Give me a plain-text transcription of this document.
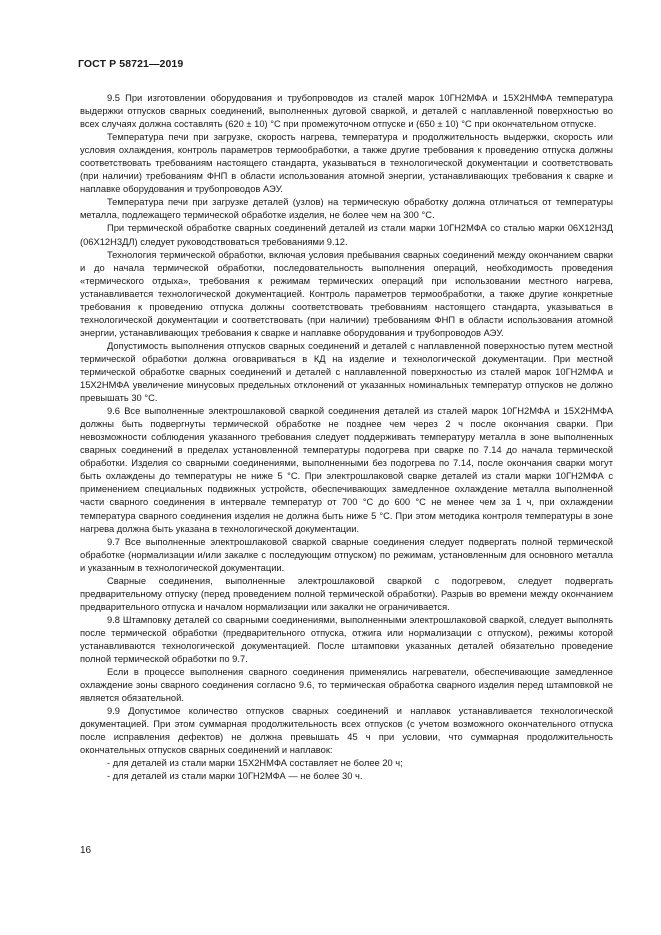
ГОСТ Р 58721—2019

9.5 При изготовлении оборудования и трубопроводов из сталей марок 10ГН2МФА и 15Х2НМФА температура выдержки отпусков сварных соединений, выполненных дуговой сваркой, и деталей с наплавленной поверхностью во всех случаях должна составлять (620 ± 10) °С при промежуточном отпуске и (650 ± 10) °С при окончательном отпуске.

Температура печи при загрузке, скорость нагрева, температура и продолжительность выдержки, скорость или условия охлаждения, контроль параметров термообработки, а также другие требования к проведению отпуска должны соответствовать требованиям настоящего стандарта, указываться в технологической документации и соответствовать (при наличии) требованиям ФНП в области использования атомной энергии, устанавливающих требования к сварке и наплавке оборудования и трубопроводов АЭУ.

Температура печи при загрузке деталей (узлов) на термическую обработку должна отличаться от температуры металла, подлежащего термической обработке изделия, не более чем на 300 °С.

При термической обработке сварных соединений деталей из стали марки 10ГН2МФА со сталью марки 06Х12Н3Д (06Х12Н3ДЛ) следует руководствоваться требованиями 9.12.

Технология термической обработки, включая условия пребывания сварных соединений между окончанием сварки и до начала термической обработки, последовательность выполнения операций, необходимость проведения «термического отдыха», требования к режимам термических операций при использовании местного нагрева, устанавливается технологической документацией. Контроль параметров термообработки, а также другие конкретные требования к проведению отпуска должны соответствовать требованиям настоящего стандарта, указываться в технологической документации и соответствовать (при наличии) требованиям ФНП в области использования атомной энергии, устанавливающих требования к сварке и наплавке оборудования и трубопроводов АЭУ.

Допустимость выполнения отпусков сварных соединений и деталей с наплавленной поверхностью путем местной термической обработки должна оговариваться в КД на изделие и технологической документации. При местной термической обработке сварных соединений и деталей с наплавленной поверхностью из сталей марок 10ГН2МФА и 15Х2НМФА увеличение минусовых предельных отклонений от указанных номинальных температур отпусков не должно превышать 30 °С.

9.6 Все выполненные электрошлаковой сваркой соединения деталей из сталей марок 10ГН2МФА и 15Х2НМФА должны быть подвергнуты термической обработке не позднее чем через 2 ч после окончания сварки. При невозможности соблюдения указанного требования следует поддерживать температуру металла в зоне выполненных сварных соединений в пределах установленной температуры подогрева при сварке по 7.14 до начала термической обработки. Изделия со сварными соединениями, выполненными без подогрева по 7.14, после окончания сварки могут быть охлаждены до температуры не ниже 5 °С. При электрошлаковой сварке деталей из стали марки 10ГН2МФА с применением специальных подвижных устройств, обеспечивающих замедленное охлаждение металла выполненной части сварного соединения в интервале температур от 700 °С до 600 °С не менее чем за 1 ч, при охлаждении температура сварного соединения изделия не должна быть ниже 5 °С. При этом методика контроля температуры в зоне нагрева должна быть указана в технологической документации.

9.7 Все выполненные электрошлаковой сваркой сварные соединения следует подвергать полной термической обработке (нормализации и/или закалке с последующим отпуском) по режимам, установленным для основного металла и указанным в технологической документации.

Сварные соединения, выполненные электрошлаковой сваркой с подогревом, следует подвергать предварительному отпуску (перед проведением полной термической обработки). Разрыв во времени между окончанием предварительного отпуска и началом нормализации или закалки не ограничивается.

9.8 Штамповку деталей со сварными соединениями, выполненными электрошлаковой сваркой, следует выполнять после термической обработки (предварительного отпуска, отжига или нормализации с отпуском), режимы которой устанавливаются технологической документацией. После штамповки указанных деталей обязательно проведение полной термической обработки по 9.7.

Если в процессе выполнения сварного соединения применялись нагреватели, обеспечивающие замедленное охлаждение зоны сварного соединения согласно 9.6, то термическая обработка сварного изделия перед штамповкой не является обязательной.

9.9 Допустимое количество отпусков сварных соединений и наплавок устанавливается технологической документацией. При этом суммарная продолжительность всех отпусков (с учетом возможного окончательного отпуска после исправления дефектов) не должна превышать 45 ч при условии, что суммарная продолжительность окончательных отпусков сварных соединений и наплавок:

- для деталей из стали марки 15Х2НМФА составляет не более 20 ч;

- для деталей из стали марки 10ГН2МФА — не более 30 ч.

16
